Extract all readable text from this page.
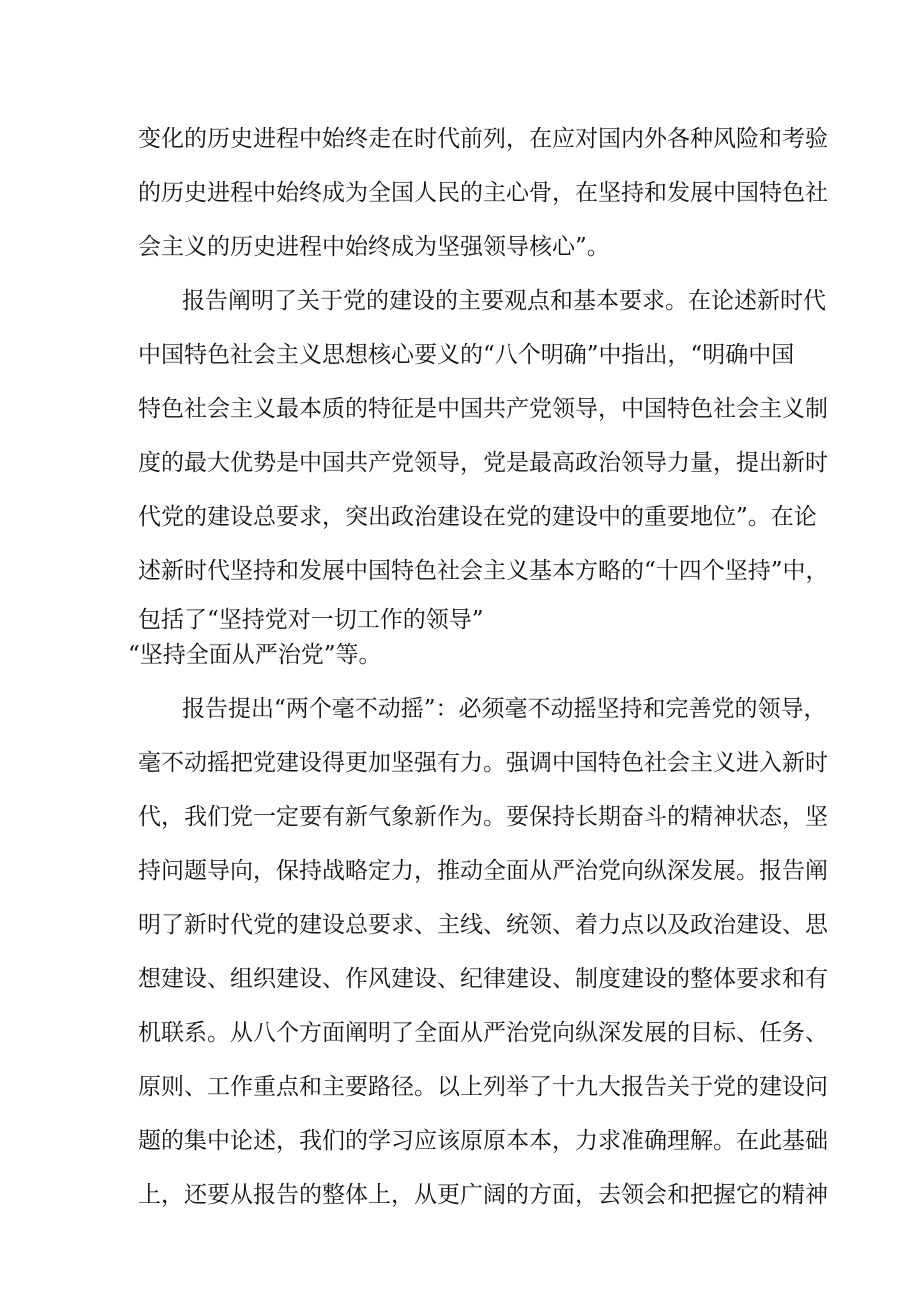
变化的历史进程中始终走在时代前列，在应对国内外各种风险和考验
的历史进程中始终成为全国人民的主心骨，在坚持和发展中国特色社
会主义的历史进程中始终成为坚强领导核心”。
报告阐明了关于党的建设的主要观点和基本要求。在论述新时代
中国特色社会主义思想核心要义的“八个明确”中指出，“明确中国
特色社会主义最本质的特征是中国共产党领导，中国特色社会主义制
度的最大优势是中国共产党领导，党是最高政治领导力量，提出新时
代党的建设总要求，突出政治建设在党的建设中的重要地位”。在论
述新时代坚持和发展中国特色社会主义基本方略的“十四个坚持”中，
包括了“坚持党对一切工作的领导”
“坚持全面从严治党”等。
报告提出“两个毫不动摇”：必须毫不动摇坚持和完善党的领导，
毫不动摇把党建设得更加坚强有力。强调中国特色社会主义进入新时
代，我们党一定要有新气象新作为。要保持长期奋斗的精神状态，坚
持问题导向，保持战略定力，推动全面从严治党向纵深发展。报告阐
明了新时代党的建设总要求、主线、统领、着力点以及政治建设、思
想建设、组织建设、作风建设、纪律建设、制度建设的整体要求和有
机联系。从八个方面阐明了全面从严治党向纵深发展的目标、任务、
原则、工作重点和主要路径。以上列举了十九大报告关于党的建设问
题的集中论述，我们的学习应该原原本本，力求准确理解。在此基础
上，还要从报告的整体上，从更广阔的方面，去领会和把握它的精神
